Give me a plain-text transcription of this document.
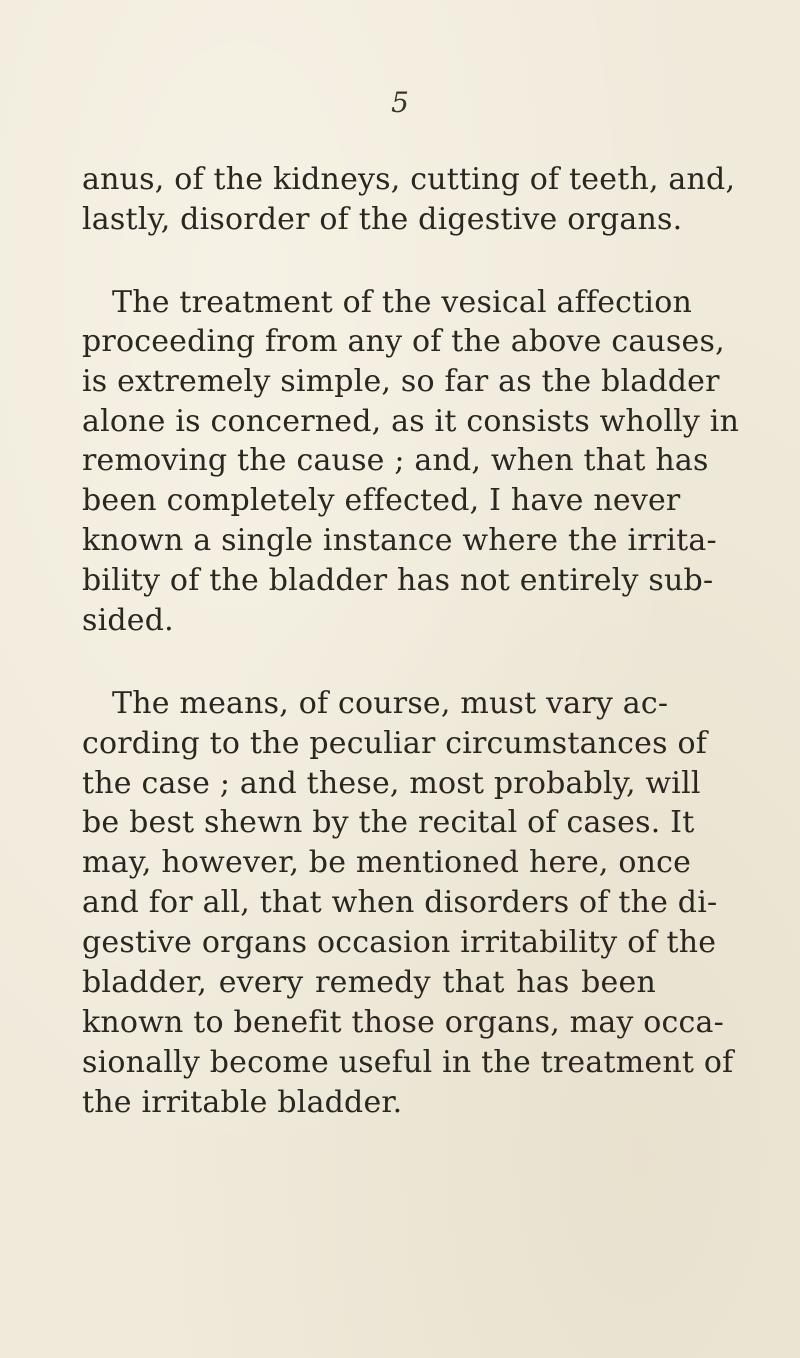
5
anus, of the kidneys, cutting of teeth, and,
lastly, disorder of the digestive organs.
The treatment of the vesical affection
proceeding from any of the above causes,
is extremely simple, so far as the bladder
alone is concerned, as it consists wholly in
removing the cause ; and, when that has
been completely effected, I have never
known a single instance where the irrita-
bility of the bladder has not entirely sub-
sided.
The means, of course, must vary ac-
cording to the peculiar circumstances of
the case ; and these, most probably, will
be best shewn by the recital of cases. It
may, however, be mentioned here, once
and for all, that when disorders of the di-
gestive organs occasion irritability of the
bladder, every remedy that has been
known to benefit those organs, may occa-
sionally become useful in the treatment of
the irritable bladder.
